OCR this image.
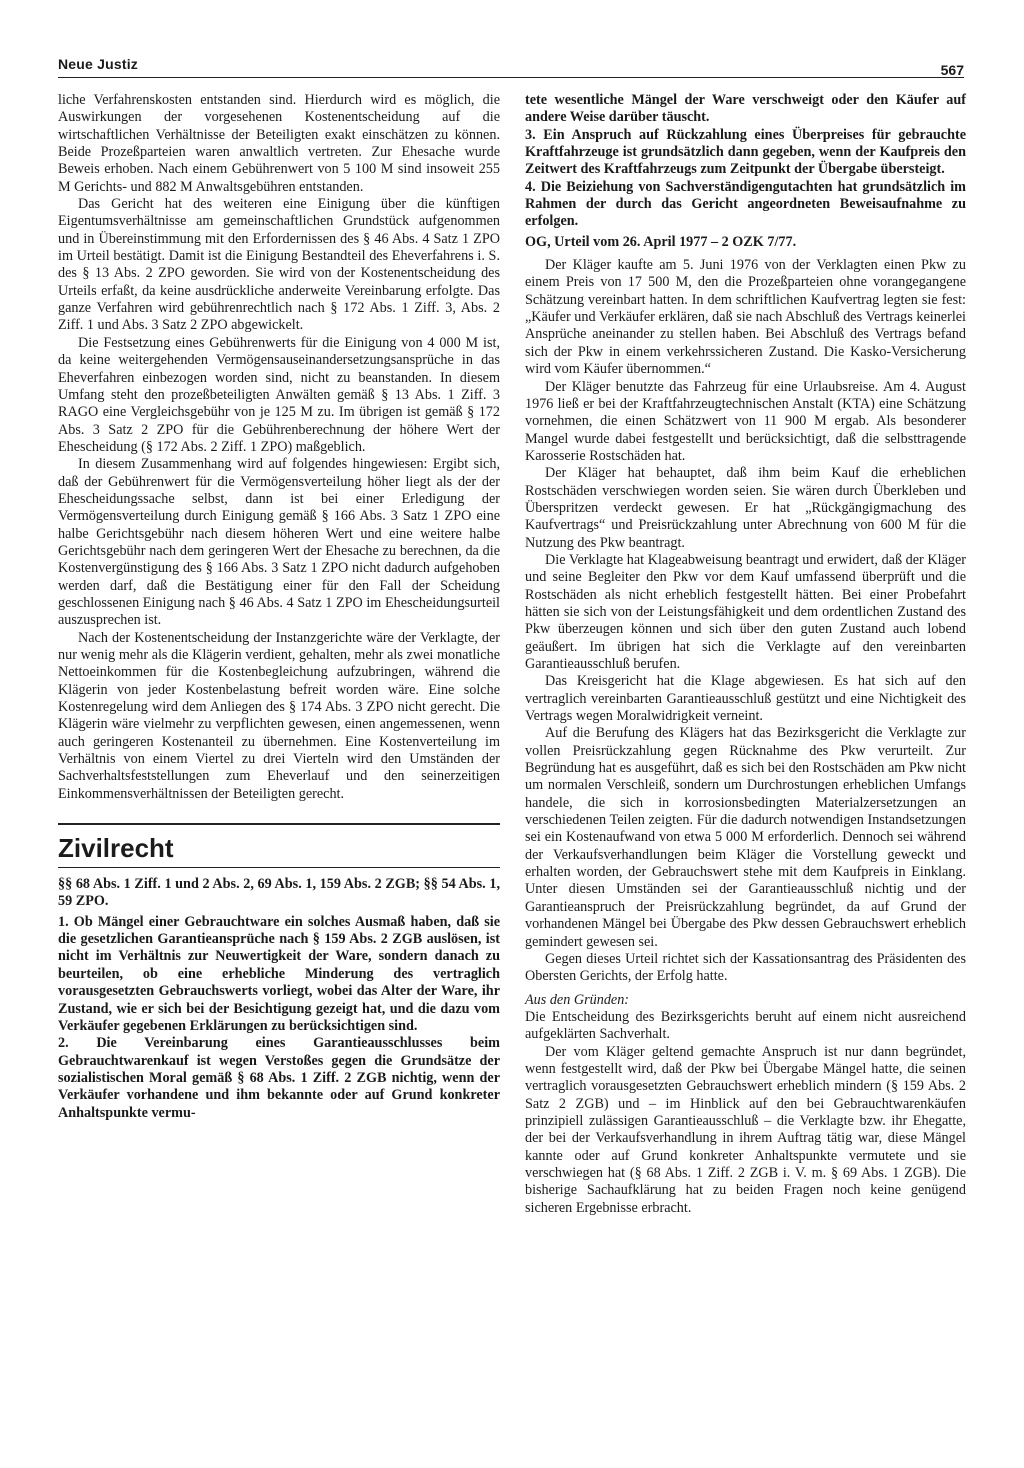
Neue Justiz	567

liche Verfahrenskosten entstanden sind. Hierdurch wird es möglich, die Auswirkungen der vorgesehenen Kostenentscheidung auf die wirtschaftlichen Verhältnisse der Beteiligten exakt einschätzen zu können. Beide Prozeßparteien waren anwaltlich vertreten. Zur Ehesache wurde Beweis erhoben. Nach einem Gebührenwert von 5 100 M sind insoweit 255 M Gerichts- und 882 M Anwaltsgebühren entstanden.

Das Gericht hat des weiteren eine Einigung über die künftigen Eigentumsverhältnisse am gemeinschaftlichen Grundstück aufgenommen und in Übereinstimmung mit den Erfordernissen des § 46 Abs. 4 Satz 1 ZPO im Urteil bestätigt. Damit ist die Einigung Bestandteil des Eheverfahrens i. S. des § 13 Abs. 2 ZPO geworden. Sie wird von der Kostenentscheidung des Urteils erfaßt, da keine ausdrückliche anderweite Vereinbarung erfolgte. Das ganze Verfahren wird gebührenrechtlich nach § 172 Abs. 1 Ziff. 3, Abs. 2 Ziff. 1 und Abs. 3 Satz 2 ZPO abgewickelt.

Die Festsetzung eines Gebührenwerts für die Einigung von 4 000 M ist, da keine weitergehenden Vermögensauseinandersetzungsansprüche in das Eheverfahren einbezogen worden sind, nicht zu beanstanden. In diesem Umfang steht den prozeßbeteiligten Anwälten gemäß § 13 Abs. 1 Ziff. 3 RAGO eine Vergleichsgebühr von je 125 M zu. Im übrigen ist gemäß § 172 Abs. 3 Satz 2 ZPO für die Gebührenberechnung der höhere Wert der Ehescheidung (§ 172 Abs. 2 Ziff. 1 ZPO) maßgeblich.

In diesem Zusammenhang wird auf folgendes hingewiesen: Ergibt sich, daß der Gebührenwert für die Vermögensverteilung höher liegt als der der Ehescheidungssache selbst, dann ist bei einer Erledigung der Vermögensverteilung durch Einigung gemäß § 166 Abs. 3 Satz 1 ZPO eine halbe Gerichtsgebühr nach diesem höheren Wert und eine weitere halbe Gerichtsgebühr nach dem geringeren Wert der Ehesache zu berechnen, da die Kostenvergünstigung des § 166 Abs. 3 Satz 1 ZPO nicht dadurch aufgehoben werden darf, daß die Bestätigung einer für den Fall der Scheidung geschlossenen Einigung nach § 46 Abs. 4 Satz 1 ZPO im Ehescheidungsurteil auszusprechen ist.

Nach der Kostenentscheidung der Instanzgerichte wäre der Verklagte, der nur wenig mehr als die Klägerin verdient, gehalten, mehr als zwei monatliche Nettoeinkommen für die Kostenbegleichung aufzubringen, während die Klägerin von jeder Kostenbelastung befreit worden wäre. Eine solche Kostenregelung wird dem Anliegen des § 174 Abs. 3 ZPO nicht gerecht. Die Klägerin wäre vielmehr zu verpflichten gewesen, einen angemessenen, wenn auch geringeren Kostenanteil zu übernehmen. Eine Kostenverteilung im Verhältnis von einem Viertel zu drei Vierteln wird den Umständen der Sachverhaltsfeststellungen zum Eheverlauf und den seinerzeitigen Einkommensverhältnissen der Beteiligten gerecht.

Zivilrecht

§§ 68 Abs. 1 Ziff. 1 und 2 Abs. 2, 69 Abs. 1, 159 Abs. 2 ZGB; §§ 54 Abs. 1, 59 ZPO.

1. Ob Mängel einer Gebrauchtware ein solches Ausmaß haben, daß sie die gesetzlichen Garantieansprüche nach § 159 Abs. 2 ZGB auslösen, ist nicht im Verhältnis zur Neuwertigkeit der Ware, sondern danach zu beurteilen, ob eine erhebliche Minderung des vertraglich vorausgesetzten Gebrauchswerts vorliegt, wobei das Alter der Ware, ihr Zustand, wie er sich bei der Besichtigung gezeigt hat, und die dazu vom Verkäufer gegebenen Erklärungen zu berücksichtigen sind.

2. Die Vereinbarung eines Garantieausschlusses beim Gebrauchtwarenkauf ist wegen Verstoßes gegen die Grundsätze der sozialistischen Moral gemäß § 68 Abs. 1 Ziff. 2 ZGB nichtig, wenn der Verkäufer vorhandene und ihm bekannte oder auf Grund konkreter Anhaltspunkte vermu-

tete wesentliche Mängel der Ware verschweigt oder den Käufer auf andere Weise darüber täuscht.

3. Ein Anspruch auf Rückzahlung eines Überpreises für gebrauchte Kraftfahrzeuge ist grundsätzlich dann gegeben, wenn der Kaufpreis den Zeitwert des Kraftfahrzeugs zum Zeitpunkt der Übergabe übersteigt.

4. Die Beiziehung von Sachverständigengutachten hat grundsätzlich im Rahmen der durch das Gericht angeordneten Beweisaufnahme zu erfolgen.

OG, Urteil vom 26. April 1977 – 2 OZK 7/77.

Der Kläger kaufte am 5. Juni 1976 von der Verklagten einen Pkw zu einem Preis von 17 500 M, den die Prozeßparteien ohne vorangegangene Schätzung vereinbart hatten. In dem schriftlichen Kaufvertrag legten sie fest: „Käufer und Verkäufer erklären, daß sie nach Abschluß des Vertrags keinerlei Ansprüche aneinander zu stellen haben. Bei Abschluß des Vertrags befand sich der Pkw in einem verkehrssicheren Zustand. Die Kasko-Versicherung wird vom Käufer übernommen.“

Der Kläger benutzte das Fahrzeug für eine Urlaubsreise. Am 4. August 1976 ließ er bei der Kraftfahrzeugtechnischen Anstalt (KTA) eine Schätzung vornehmen, die einen Schätzwert von 11 900 M ergab. Als besonderer Mangel wurde dabei festgestellt und berücksichtigt, daß die selbsttragende Karosserie Rostschäden hat.

Der Kläger hat behauptet, daß ihm beim Kauf die erheblichen Rostschäden verschwiegen worden seien. Sie wären durch Überkleben und Überspritzen verdeckt gewesen. Er hat „Rückgängigmachung des Kaufvertrags“ und Preisrückzahlung unter Abrechnung von 600 M für die Nutzung des Pkw beantragt.

Die Verklagte hat Klageabweisung beantragt und erwidert, daß der Kläger und seine Begleiter den Pkw vor dem Kauf umfassend überprüft und die Rostschäden als nicht erheblich festgestellt hätten. Bei einer Probefahrt hätten sie sich von der Leistungsfähigkeit und dem ordentlichen Zustand des Pkw überzeugen können und sich über den guten Zustand auch lobend geäußert. Im übrigen hat sich die Verklagte auf den vereinbarten Garantieausschluß berufen.

Das Kreisgericht hat die Klage abgewiesen. Es hat sich auf den vertraglich vereinbarten Garantieausschluß gestützt und eine Nichtigkeit des Vertrags wegen Moralwidrigkeit verneint.

Auf die Berufung des Klägers hat das Bezirksgericht die Verklagte zur vollen Preisrückzahlung gegen Rücknahme des Pkw verurteilt. Zur Begründung hat es ausgeführt, daß es sich bei den Rostschäden am Pkw nicht um normalen Verschleiß, sondern um Durchrostungen erheblichen Umfangs handele, die sich in korrosionsbedingten Materialzersetzungen an verschiedenen Teilen zeigten. Für die dadurch notwendigen Instandsetzungen sei ein Kostenaufwand von etwa 5 000 M erforderlich. Dennoch sei während der Verkaufsverhandlungen beim Kläger die Vorstellung geweckt und erhalten worden, der Gebrauchswert stehe mit dem Kaufpreis in Einklang. Unter diesen Umständen sei der Garantieausschluß nichtig und der Garantieanspruch der Preisrückzahlung begründet, da auf Grund der vorhandenen Mängel bei Übergabe des Pkw dessen Gebrauchswert erheblich gemindert gewesen sei.

Gegen dieses Urteil richtet sich der Kassationsantrag des Präsidenten des Obersten Gerichts, der Erfolg hatte.

Aus den Gründen:

Die Entscheidung des Bezirksgerichts beruht auf einem nicht ausreichend aufgeklärten Sachverhalt.

Der vom Kläger geltend gemachte Anspruch ist nur dann begründet, wenn festgestellt wird, daß der Pkw bei Übergabe Mängel hatte, die seinen vertraglich vorausgesetzten Gebrauchswert erheblich mindern (§ 159 Abs. 2 Satz 2 ZGB) und – im Hinblick auf den bei Gebrauchtwarenkäufen prinzipiell zulässigen Garantieausschluß – die Verklagte bzw. ihr Ehegatte, der bei der Verkaufsverhandlung in ihrem Auftrag tätig war, diese Mängel kannte oder auf Grund konkreter Anhaltspunkte vermutete und sie verschwiegen hat (§ 68 Abs. 1 Ziff. 2 ZGB i. V. m. § 69 Abs. 1 ZGB). Die bisherige Sachaufklärung hat zu beiden Fragen noch keine genügend sicheren Ergebnisse erbracht.
